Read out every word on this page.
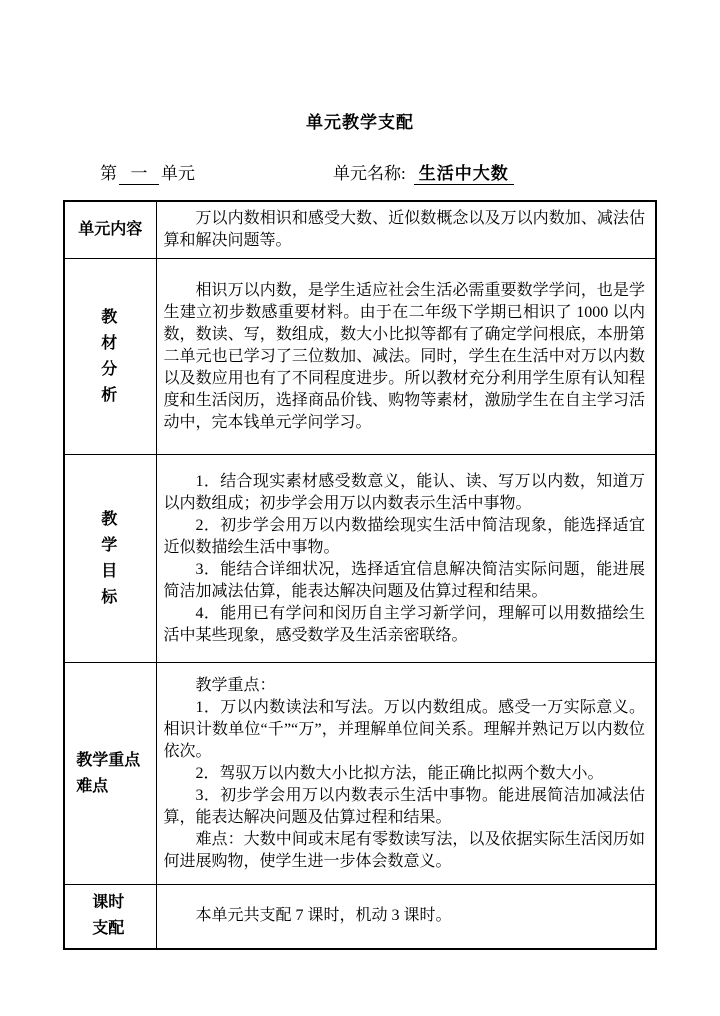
单元教学支配
第 一 单元	单元名称: 生活中大数
单元内容	万以内数相识和感受大数、近似数概念以及万以内数加、减法估算和解决问题等。

教材分析	相识万以内数，是学生适应社会生活必需重要数学学问，也是学生建立初步数感重要材料。由于在二年级下学期已相识了 1000 以内数，数读、写，数组成，数大小比拟等都有了确定学问根底，本册第二单元也已学习了三位数加、减法。同时，学生在生活中对万以内数以及数应用也有了不同程度进步。所以教材充分利用学生原有认知程度和生活闵历，选择商品价钱、购物等素材，激励学生在自主学习活动中，完本钱单元学问学习。

教学目标	1．结合现实素材感受数意义，能认、读、写万以内数，知道万以内数组成；初步学会用万以内数表示生活中事物。

2．初步学会用万以内数描绘现实生活中简洁现象，能选择适宜近似数描绘生活中事物。

3．能结合详细状况，选择适宜信息解决简洁实际问题，能进展简洁加减法估算，能表达解决问题及估算过程和结果。

4．能用已有学问和闵历自主学习新学问，理解可以用数描绘生活中某些现象，感受数学及生活亲密联络。

教学重点难点	教学重点：

1．万以内数读法和写法。万以内数组成。感受一万实际意义。相识计数单位“千”“万”，并理解单位间关系。理解并熟记万以内数位依次。

2．驾驭万以内数大小比拟方法，能正确比拟两个数大小。

3．初步学会用万以内数表示生活中事物。能进展简洁加减法估算，能表达解决问题及估算过程和结果。

难点：大数中间或末尾有零数读写法，以及依据实际生活闵历如何进展购物，使学生进一步体会数意义。

课时支配	本单元共支配 7 课时，机动 3 课时。
